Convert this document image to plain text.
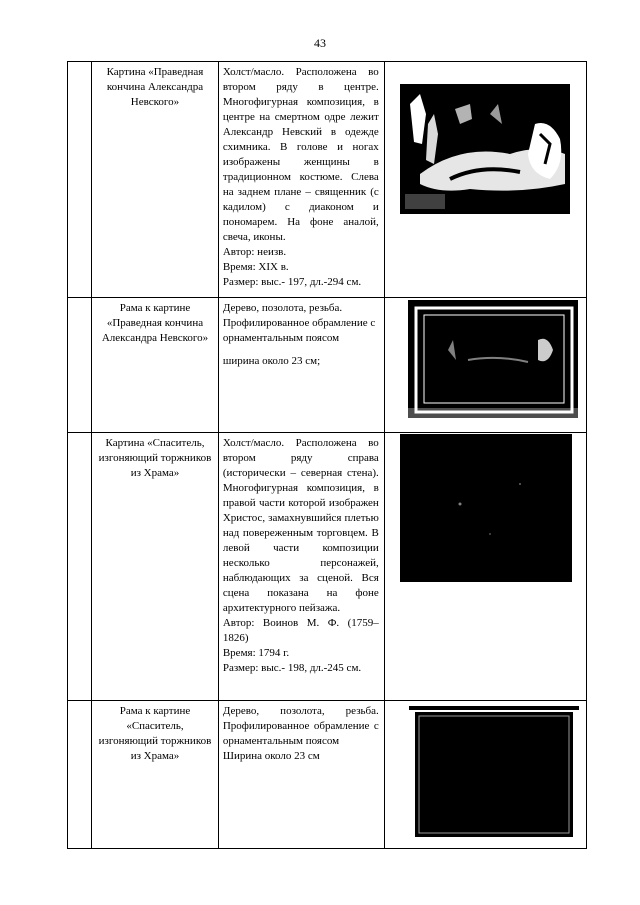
43
	Картина «Праведная кончина Александра Невского»	Холст/масло. Расположена во втором ряду в центре. Многофигурная композиция, в центре на смертном одре лежит Александр Невский в одежде схимника. В голове и ногах изображены женщины в традиционном костюме. Слева на заднем плане – священник (с кадилом) с диаконом и пономарем. На фоне аналой, свеча, иконы.
Автор: неизв.
Время: XIX в.
Размер: выс.- 197, дл.-294 см.

	Рама к картине «Праведная кончина Александра Невского»	Дерево, позолота, резьба. Профилированное обрамление с орнаментальным поясом
ширина около 23 см;

	Картина «Спаситель, изгоняющий торжников из Храма»	Холст/масло. Расположена во втором ряду справа (исторически – северная стена). Многофигурная композиция, в правой части которой изображен Христос, замахнувшийся плетью над повереженным торговцем. В левой части композиции несколько персонажей, наблюдающих за сценой. Вся сцена показана на фоне архитектурного пейзажа.
Автор: Воинов М. Ф. (1759–1826)
Время: 1794 г.
Размер: выс.- 198, дл.-245 см.

	Рама к картине «Спаситель, изгоняющий торжников из Храма»	Дерево, позолота, резьба. Профилированное обрамление с орнаментальным поясом
Ширина около 23 см
